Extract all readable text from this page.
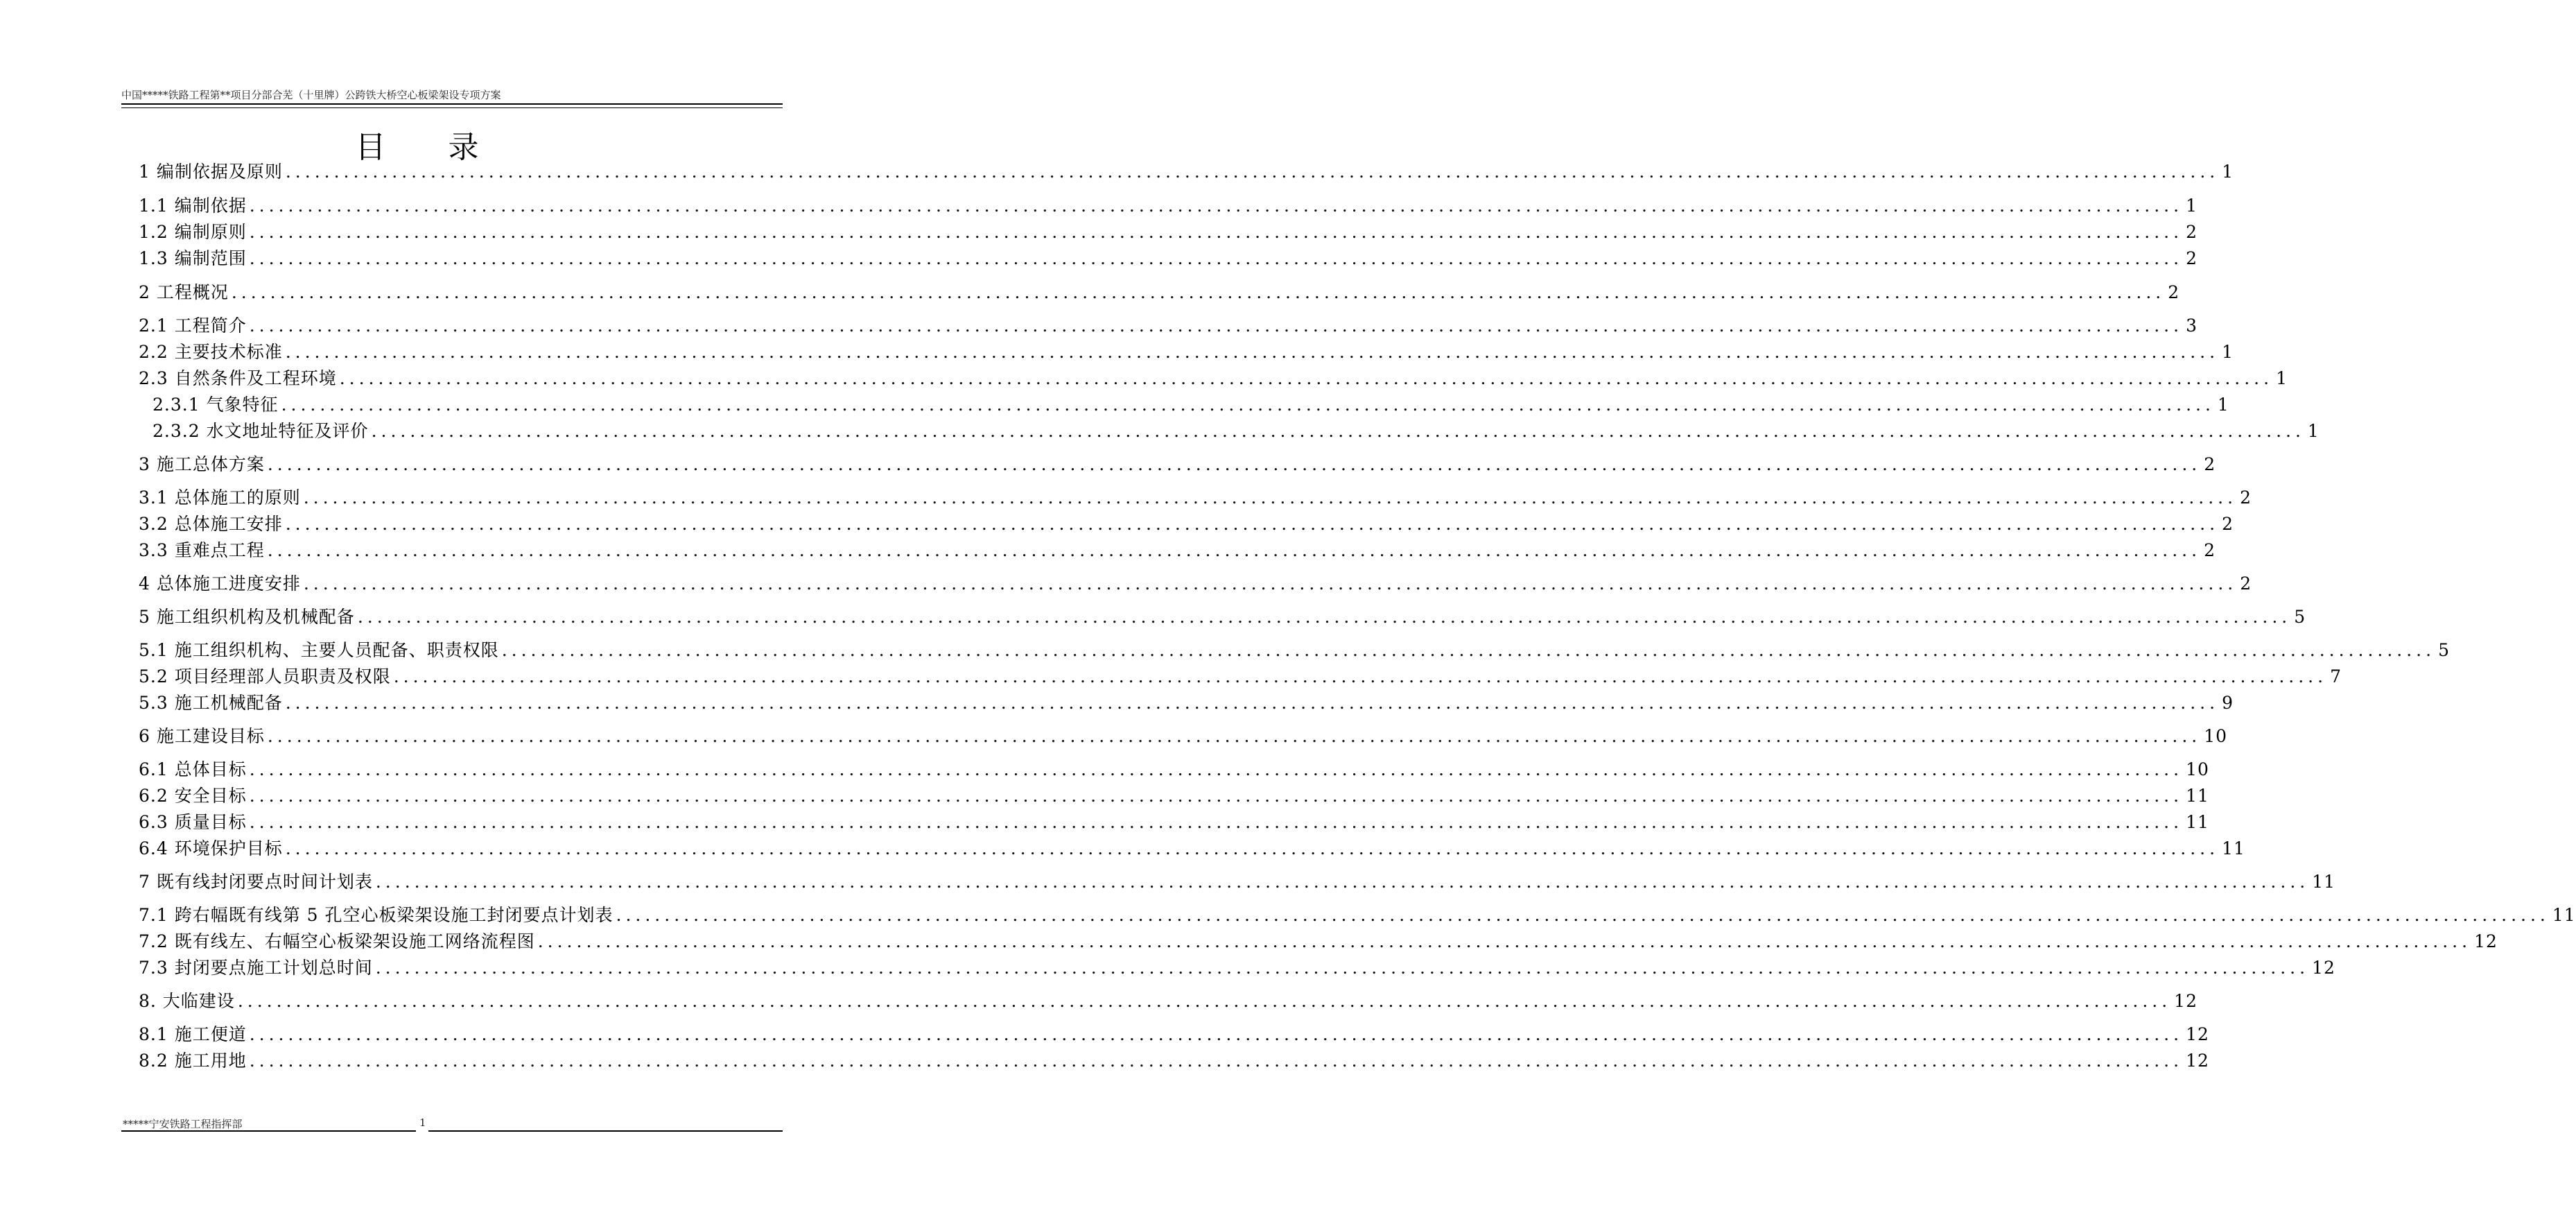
中国*****铁路工程第**项目分部合芜（十里牌）公跨铁大桥空心板梁架设专项方案
目 录
1 编制依据及原则 ........................................................................................................................................................................................................ 1
1.1 编制依据 ........................................................................................................................................................................................................ 1
1.2 编制原则 ........................................................................................................................................................................................................ 2
1.3 编制范围 ........................................................................................................................................................................................................ 2
2 工程概况 ........................................................................................................................................................................................................ 2
2.1 工程简介 ........................................................................................................................................................................................................ 3
2.2 主要技术标准 ........................................................................................................................................................................................................ 1
2.3 自然条件及工程环境 ........................................................................................................................................................................................................ 1
2.3.1 气象特征 ........................................................................................................................................................................................................ 1
2.3.2 水文地址特征及评价 ........................................................................................................................................................................................................ 1
3 施工总体方案 ........................................................................................................................................................................................................ 2
3.1 总体施工的原则 ........................................................................................................................................................................................................ 2
3.2 总体施工安排 ........................................................................................................................................................................................................ 2
3.3 重难点工程 ........................................................................................................................................................................................................ 2
4 总体施工进度安排 ........................................................................................................................................................................................................ 2
5 施工组织机构及机械配备 ........................................................................................................................................................................................................ 5
5.1 施工组织机构、主要人员配备、职责权限 ........................................................................................................................................................................................................ 5
5.2 项目经理部人员职责及权限 ........................................................................................................................................................................................................ 7
5.3 施工机械配备 ........................................................................................................................................................................................................ 9
6 施工建设目标 ........................................................................................................................................................................................................ 10
6.1 总体目标 ........................................................................................................................................................................................................ 10
6.2 安全目标 ........................................................................................................................................................................................................ 11
6.3 质量目标 ........................................................................................................................................................................................................ 11
6.4 环境保护目标 ........................................................................................................................................................................................................ 11
7 既有线封闭要点时间计划表 ........................................................................................................................................................................................................ 11
7.1 跨右幅既有线第 5 孔空心板梁架设施工封闭要点计划表 ........................................................................................................................................................................................................ 11
7.2 既有线左、右幅空心板梁架设施工网络流程图 ........................................................................................................................................................................................................ 12
7.3 封闭要点施工计划总时间 ........................................................................................................................................................................................................ 12
8. 大临建设 ........................................................................................................................................................................................................ 12
8.1 施工便道 ........................................................................................................................................................................................................ 12
8.2 施工用地 ........................................................................................................................................................................................................ 12
*****宁安铁路工程指挥部	1
